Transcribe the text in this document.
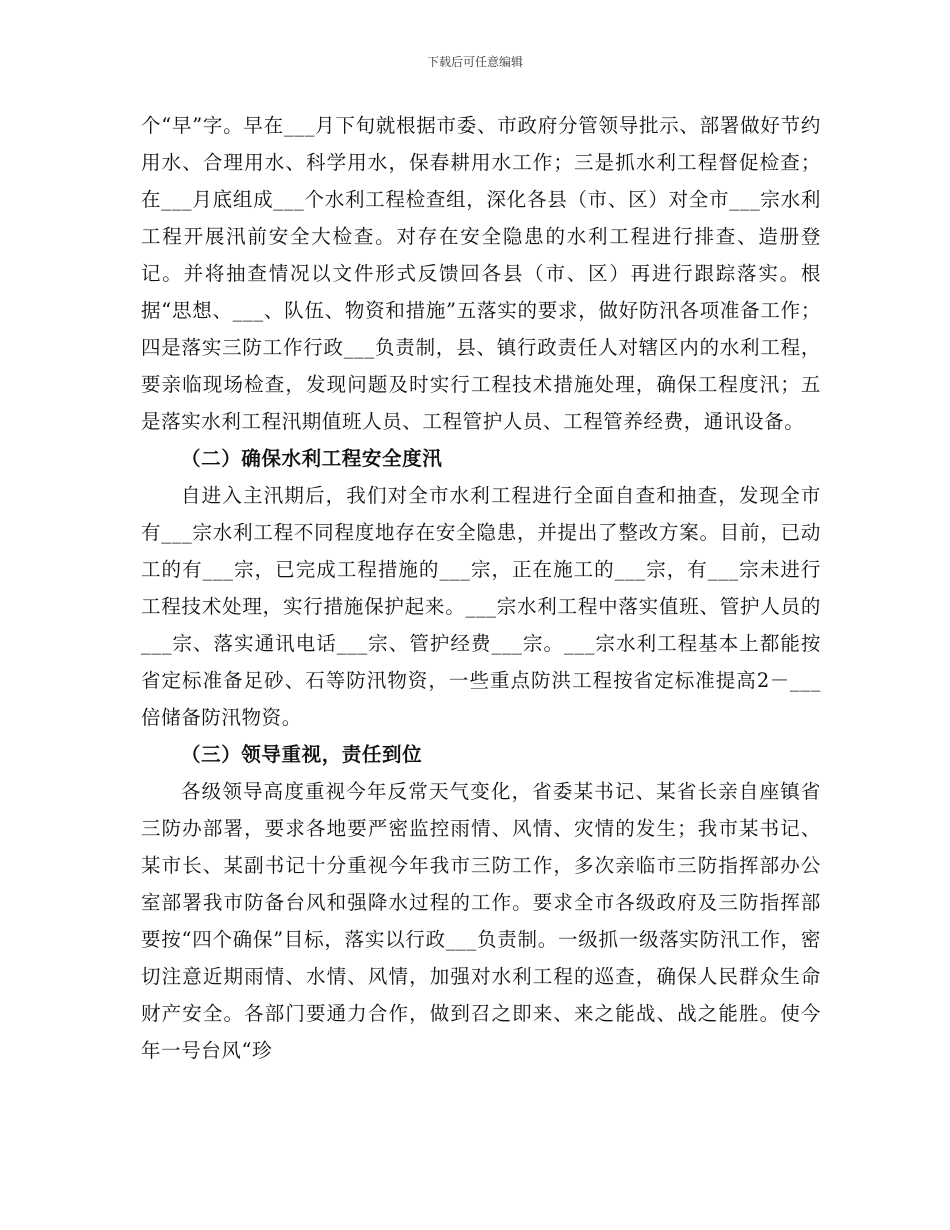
下载后可任意编辑

个“早”字。早在___月下旬就根据市委、市政府分管领导批示、部署做好节约用水、合理用水、科学用水，保春耕用水工作；三是抓水利工程督促检查；在___月底组成___个水利工程检查组，深化各县（市、区）对全市___宗水利工程开展汛前安全大检查。对存在安全隐患的水利工程进行排查、造册登记。并将抽查情况以文件形式反馈回各县（市、区）再进行跟踪落实。根据“思想、___、队伍、物资和措施”五落实的要求，做好防汛各项准备工作；四是落实三防工作行政___负责制，县、镇行政责任人对辖区内的水利工程，要亲临现场检查，发现问题及时实行工程技术措施处理，确保工程度汛；五是落实水利工程汛期值班人员、工程管护人员、工程管养经费，通讯设备。

（二）确保水利工程安全度汛

自进入主汛期后，我们对全市水利工程进行全面自查和抽查，发现全市有___宗水利工程不同程度地存在安全隐患，并提出了整改方案。目前，已动工的有___宗，已完成工程措施的___宗，正在施工的___宗，有___宗未进行工程技术处理，实行措施保护起来。___宗水利工程中落实值班、管护人员的___宗、落实通讯电话___宗、管护经费___宗。___宗水利工程基本上都能按省定标准备足砂、石等防汛物资，一些重点防洪工程按省定标准提高2－___倍储备防汛物资。

（三）领导重视，责任到位

各级领导高度重视今年反常天气变化，省委某书记、某省长亲自座镇省三防办部署，要求各地要严密监控雨情、风情、灾情的发生；我市某书记、某市长、某副书记十分重视今年我市三防工作，多次亲临市三防指挥部办公室部署我市防备台风和强降水过程的工作。要求全市各级政府及三防指挥部要按“四个确保”目标，落实以行政___负责制。一级抓一级落实防汛工作，密切注意近期雨情、水情、风情，加强对水利工程的巡查，确保人民群众生命财产安全。各部门要通力合作，做到召之即来、来之能战、战之能胜。使今年一号台风“珍
